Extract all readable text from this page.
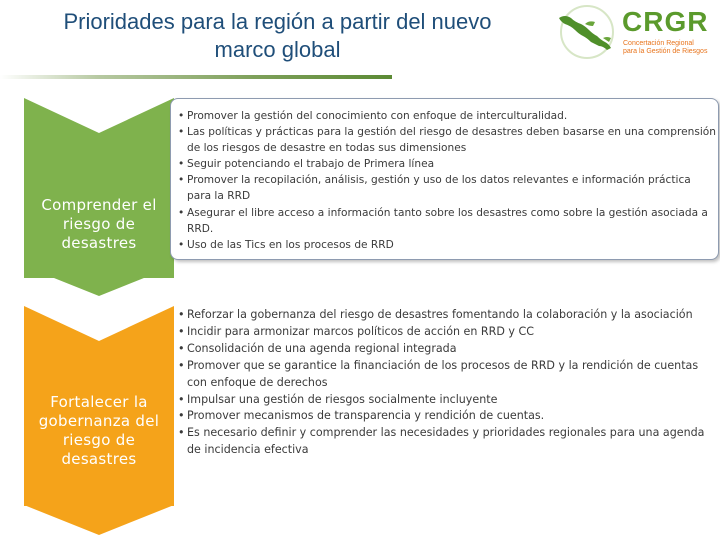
Prioridades para la región a partir del nuevo
marco global
CRGR
Concertación Regional
para la Gestión de Riesgos
Comprender el
riesgo de desastres
• Promover la gestión del conocimiento con enfoque de interculturalidad.
• Las políticas y prácticas para la gestión del riesgo de desastres deben basarse en una comprensión de los riesgos de desastre en todas sus dimensiones
• Seguir potenciando el trabajo de Primera línea
• Promover la recopilación, análisis, gestión y uso de los datos relevantes e información práctica para la RRD
• Asegurar el libre acceso a información tanto sobre los desastres como sobre la gestión asociada a RRD.
• Uso de las Tics en los procesos de RRD
Fortalecer la
gobernanza del
riesgo de desastres
• Reforzar la gobernanza del riesgo de desastres fomentando la colaboración y la asociación
• Incidir para armonizar marcos políticos de acción en RRD y CC
• Consolidación de una agenda regional integrada
• Promover que se garantice la financiación de los procesos de RRD y la rendición de cuentas con enfoque de derechos
• Impulsar una gestión de riesgos socialmente incluyente
• Promover mecanismos de transparencia y rendición de cuentas.
• Es necesario definir y comprender las necesidades y prioridades regionales para una agenda de incidencia efectiva
